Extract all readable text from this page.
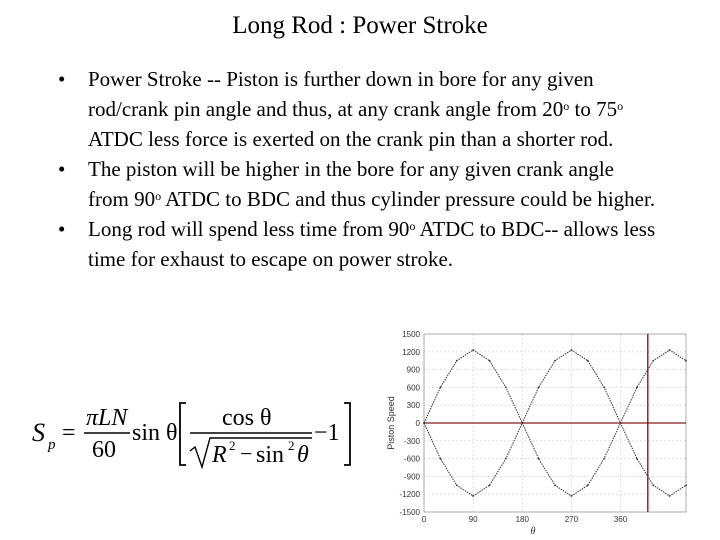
Long Rod : Power Stroke
• Power Stroke -- Piston is further down in bore for any given rod/crank pin angle and thus, at any crank angle from 20$^o$ to 75$^o$ ATDC less force is exerted on the crank pin than a shorter rod.
• The piston will be higher in the bore for any given crank angle from 90$^o$ ATDC to BDC and thus cylinder pressure could be higher.
• Long rod will spend less time from 90$^o$ ATDC to BDC-- allows less time for exhaust to escape on power stroke.
S p =
πLN
60
sin θ
cos θ
R 2 − sin 2 θ
−1
1500
1200
900
600
300
0
-300
-600
-900
-1200
-1500
0	90	180	270	360
Piston Speed
θ
